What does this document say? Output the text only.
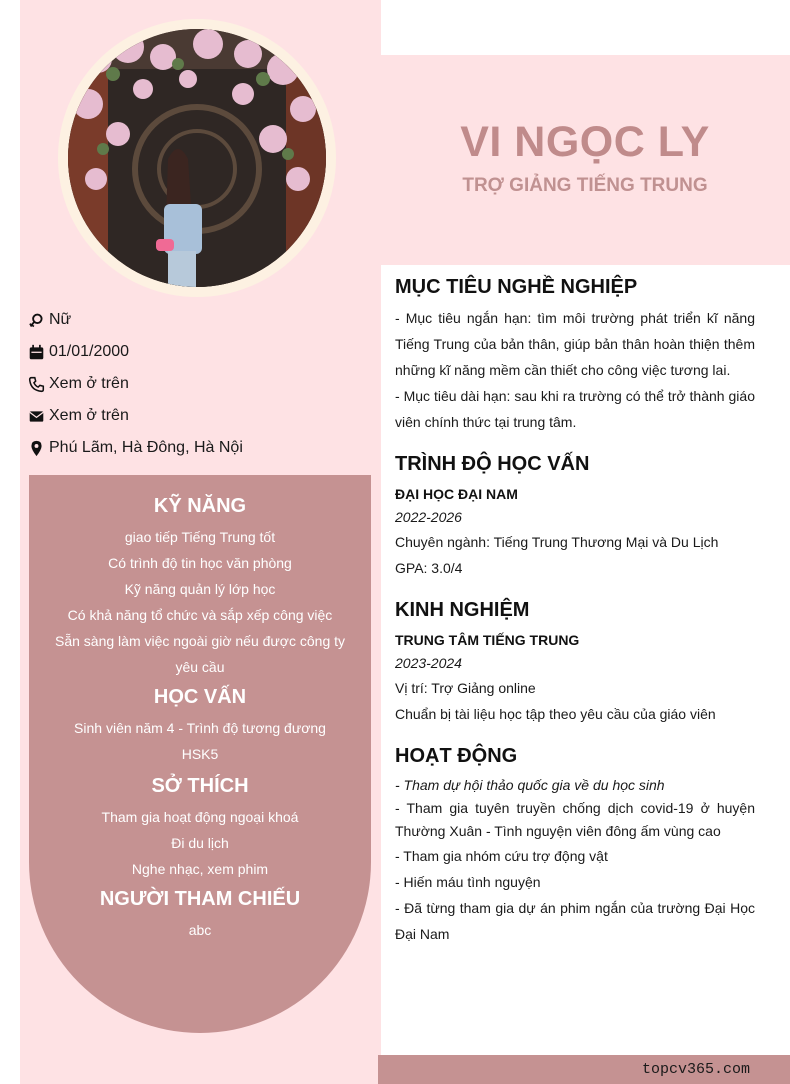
VI NGỌC LY
TRỢ GIẢNG TIẾNG TRUNG
Nữ
01/01/2000
Xem ở trên
Xem ở trên
Phú Lãm, Hà Đông, Hà Nội
KỸ NĂNG
giao tiếp Tiếng Trung tốt
Có trình độ tin học văn phòng
Kỹ năng quản lý lớp học
Có khả năng tổ chức và sắp xếp công việc
Sẵn sàng làm việc ngoài giờ nếu được công ty yêu cầu
HỌC VẤN
Sinh viên năm 4 - Trình độ tương đương HSK5
SỞ THÍCH
Tham gia hoạt động ngoại khoá
Đi du lịch
Nghe nhạc, xem phim
NGƯỜI THAM CHIẾU
abc
MỤC TIÊU NGHỀ NGHIỆP
- Mục tiêu ngắn hạn: tìm môi trường phát triển kĩ năng Tiếng Trung của bản thân, giúp bản thân hoàn thiện thêm những kĩ năng mềm cần thiết cho công việc tương lai.
- Mục tiêu dài hạn: sau khi ra trường có thể trở thành giáo viên chính thức tại trung tâm.
TRÌNH ĐỘ HỌC VẤN
ĐẠI HỌC ĐẠI NAM
2022-2026
Chuyên ngành: Tiếng Trung Thương Mại và Du Lịch
GPA: 3.0/4
KINH NGHIỆM
TRUNG TÂM TIẾNG TRUNG
2023-2024
Vị trí: Trợ Giảng online
Chuẩn bị tài liệu học tập theo yêu cầu của giáo viên
HOẠT ĐỘNG
- Tham dự hội thảo quốc gia về du học sinh
- Tham gia tuyên truyền chống dịch covid-19 ở huyện Thường Xuân - Tình nguyện viên đông ấm vùng cao
- Tham gia nhóm cứu trợ động vật
- Hiến máu tình nguyện
- Đã từng tham gia dự án phim ngắn của trường Đại Học Đại Nam
topcv365.com
